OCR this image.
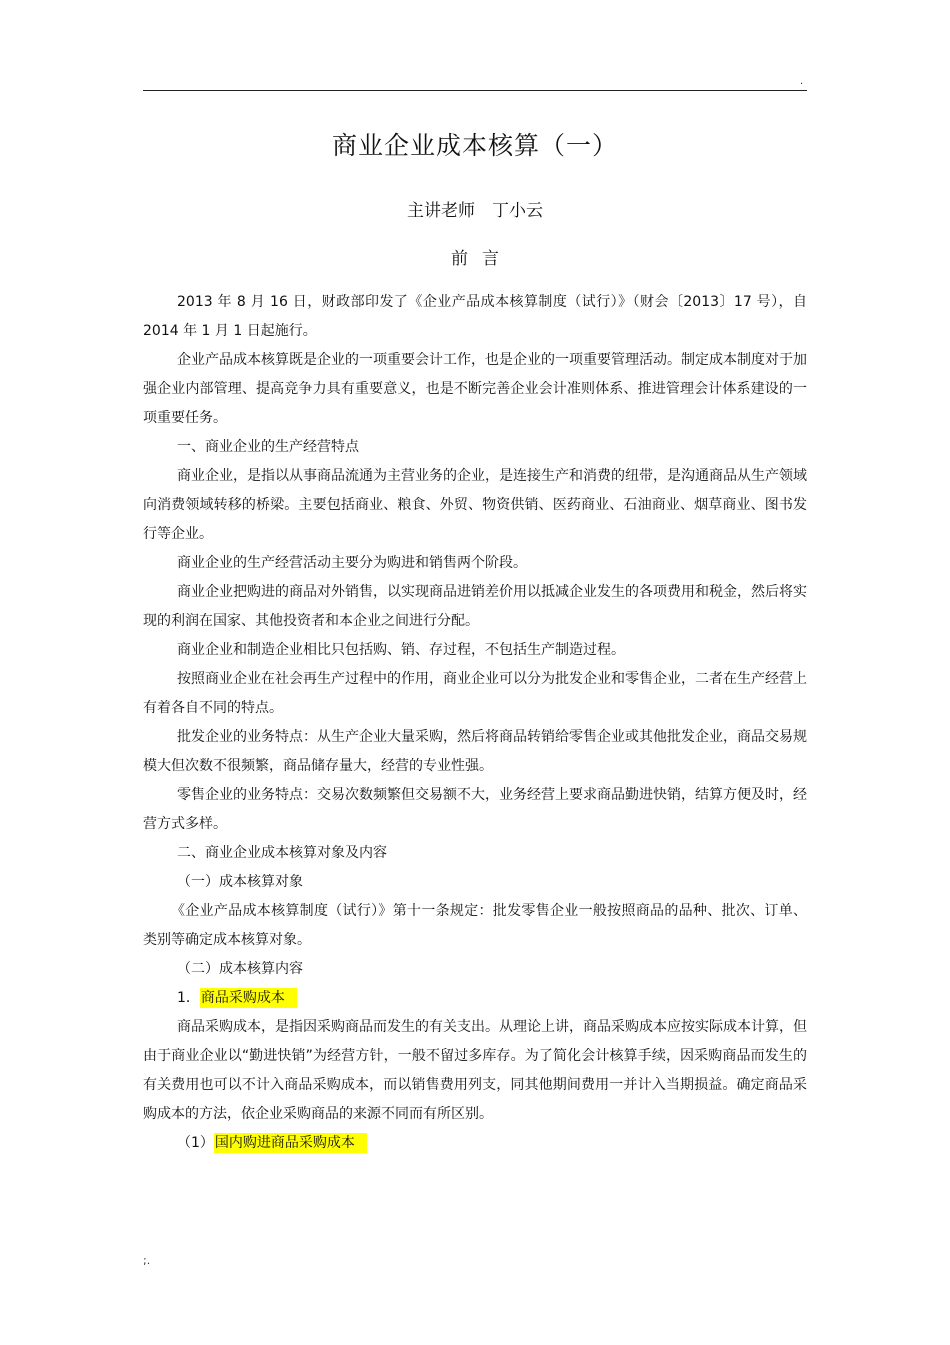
.
商业企业成本核算（一）
主讲老师　丁小云
前言

2013 年 8 月 16 日，财政部印发了《企业产品成本核算制度（试行）》（财会〔2013〕17 号），自 2014 年 1 月 1 日起施行。

企业产品成本核算既是企业的一项重要会计工作，也是企业的一项重要管理活动。制定成本制度对于加强企业内部管理、提高竞争力具有重要意义，也是不断完善企业会计准则体系、推进管理会计体系建设的一项重要任务。

一、商业企业的生产经营特点

商业企业，是指以从事商品流通为主营业务的企业，是连接生产和消费的纽带，是沟通商品从生产领域向消费领域转移的桥梁。主要包括商业、粮食、外贸、物资供销、医药商业、石油商业、烟草商业、图书发行等企业。

商业企业的生产经营活动主要分为购进和销售两个阶段。

商业企业把购进的商品对外销售，以实现商品进销差价用以抵减企业发生的各项费用和税金，然后将实现的利润在国家、其他投资者和本企业之间进行分配。

商业企业和制造企业相比只包括购、销、存过程，不包括生产制造过程。

按照商业企业在社会再生产过程中的作用，商业企业可以分为批发企业和零售企业，二者在生产经营上有着各自不同的特点。

批发企业的业务特点：从生产企业大量采购，然后将商品转销给零售企业或其他批发企业，商品交易规模大但次数不很频繁，商品储存量大，经营的专业性强。

零售企业的业务特点：交易次数频繁但交易额不大，业务经营上要求商品勤进快销，结算方便及时，经营方式多样。

二、商业企业成本核算对象及内容

（一）成本核算对象

《企业产品成本核算制度（试行）》第十一条规定：批发零售企业一般按照商品的品种、批次、订单、类别等确定成本核算对象。

（二）成本核算内容

1．商品采购成本

商品采购成本，是指因采购商品而发生的有关支出。从理论上讲，商品采购成本应按实际成本计算，但由于商业企业以“勤进快销”为经营方针，一般不留过多库存。为了简化会计核算手续，因采购商品而发生的有关费用也可以不计入商品采购成本，而以销售费用列支，同其他期间费用一并计入当期损益。确定商品采购成本的方法，依企业采购商品的来源不同而有所区别。

（1）国内购进商品采购成本

;.
